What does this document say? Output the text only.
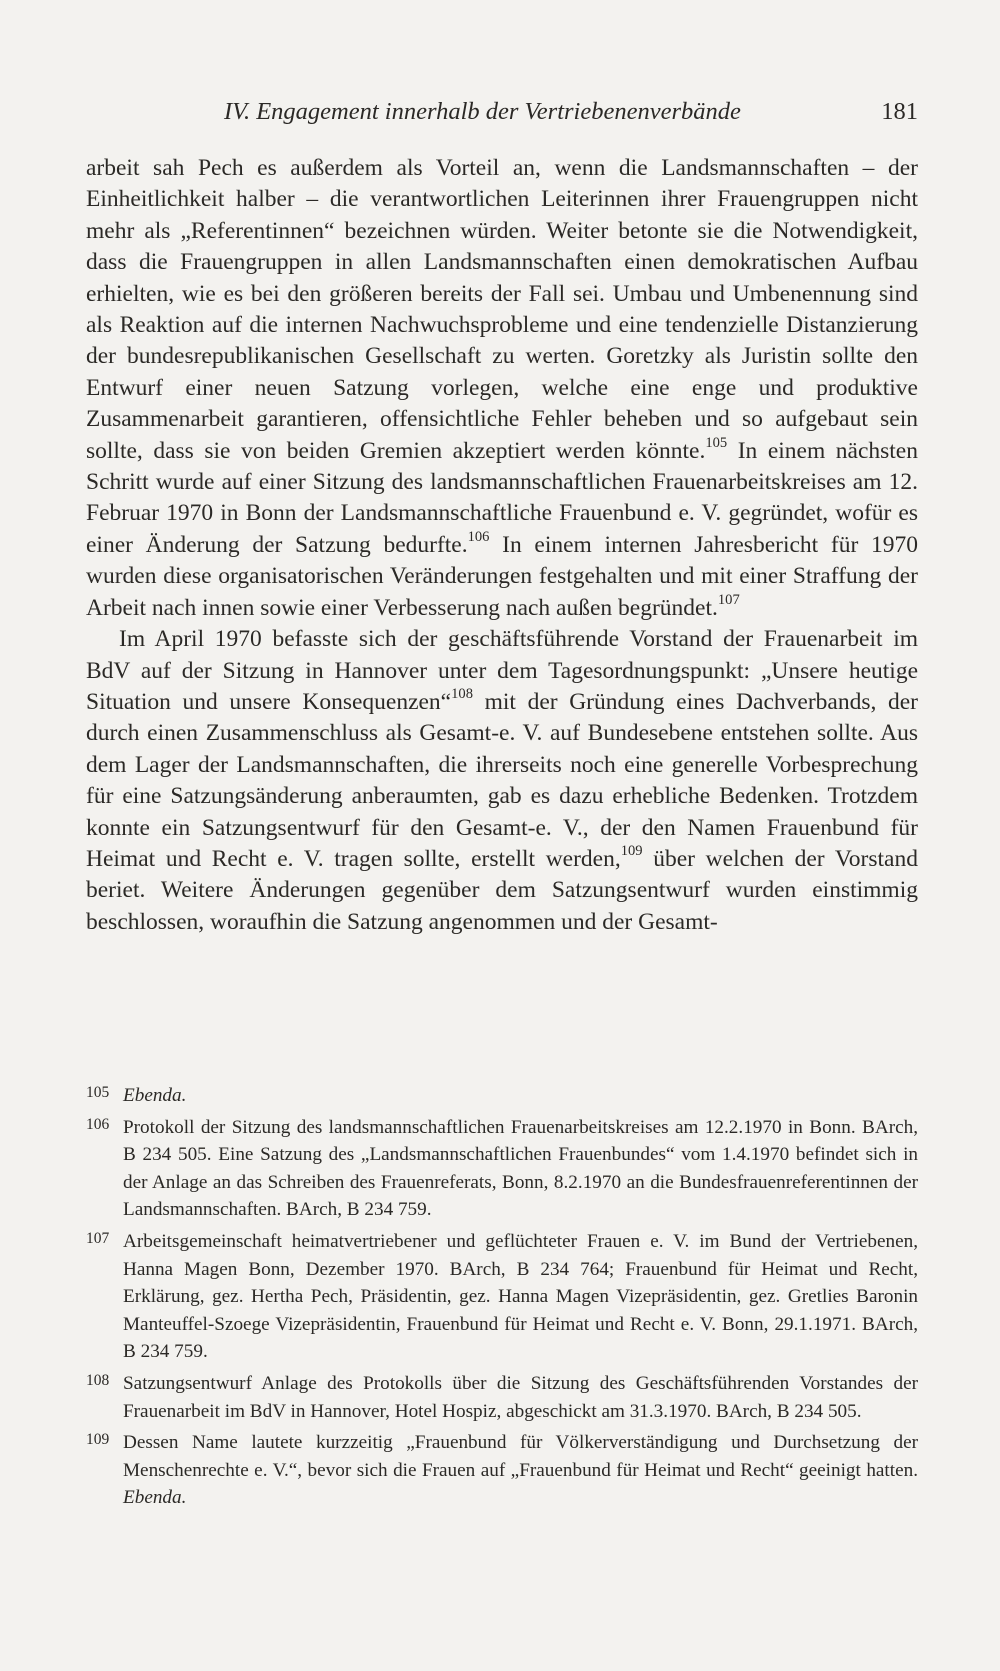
IV. Engagement innerhalb der Vertriebenenverbände	181

arbeit sah Pech es außerdem als Vorteil an, wenn die Landsmannschaften – der Einheitlichkeit halber – die verantwortlichen Leiterinnen ihrer Frauengruppen nicht mehr als „Referentinnen“ bezeichnen würden. Weiter betonte sie die Notwendigkeit, dass die Frauengruppen in allen Landsmannschaften einen demokratischen Aufbau erhielten, wie es bei den größeren bereits der Fall sei. Umbau und Umbenennung sind als Reaktion auf die internen Nachwuchsprobleme und eine tendenzielle Distanzierung der bundesrepublikanischen Gesellschaft zu werten. Goretzky als Juristin sollte den Entwurf einer neuen Satzung vorlegen, welche eine enge und produktive Zusammenarbeit garantieren, offensichtliche Fehler beheben und so aufgebaut sein sollte, dass sie von beiden Gremien akzeptiert werden könnte.$^{105}$ In einem nächsten Schritt wurde auf einer Sitzung des landsmannschaftlichen Frauenarbeitskreises am 12. Februar 1970 in Bonn der Landsmannschaftliche Frauenbund e. V. gegründet, wofür es einer Änderung der Satzung bedurfte.$^{106}$ In einem internen Jahresbericht für 1970 wurden diese organisatorischen Veränderungen festgehalten und mit einer Straffung der Arbeit nach innen sowie einer Verbesserung nach außen begründet.$^{107}$

Im April 1970 befasste sich der geschäftsführende Vorstand der Frauenarbeit im BdV auf der Sitzung in Hannover unter dem Tagesordnungspunkt: „Unsere heutige Situation und unsere Konsequenzen“$^{108}$ mit der Gründung eines Dachverbands, der durch einen Zusammenschluss als Gesamt-e. V. auf Bundesebene entstehen sollte. Aus dem Lager der Landsmannschaften, die ihrerseits noch eine generelle Vorbesprechung für eine Satzungsänderung anberaumten, gab es dazu erhebliche Bedenken. Trotzdem konnte ein Satzungsentwurf für den Gesamt-e. V., der den Namen Frauenbund für Heimat und Recht e. V. tragen sollte, erstellt werden,$^{109}$ über welchen der Vorstand beriet. Weitere Änderungen gegenüber dem Satzungsentwurf wurden einstimmig beschlossen, woraufhin die Satzung angenommen und der Gesamt-

105 Ebenda.
106 Protokoll der Sitzung des landsmannschaftlichen Frauenarbeitskreises am 12.2.1970 in Bonn. BArch, B 234 505. Eine Satzung des „Landsmannschaftlichen Frauenbundes“ vom 1.4.1970 befindet sich in der Anlage an das Schreiben des Frauenreferats, Bonn, 8.2.1970 an die Bundesfrauenreferentinnen der Landsmannschaften. BArch, B 234 759.
107 Arbeitsgemeinschaft heimatvertriebener und geflüchteter Frauen e. V. im Bund der Vertriebenen, Hanna Magen Bonn, Dezember 1970. BArch, B 234 764; Frauenbund für Heimat und Recht, Erklärung, gez. Hertha Pech, Präsidentin, gez. Hanna Magen Vizepräsidentin, gez. Gretlies Baronin Manteuffel-Szoege Vizepräsidentin, Frauenbund für Heimat und Recht e. V. Bonn, 29.1.1971. BArch, B 234 759.
108 Satzungsentwurf Anlage des Protokolls über die Sitzung des Geschäftsführenden Vorstandes der Frauenarbeit im BdV in Hannover, Hotel Hospiz, abgeschickt am 31.3.1970. BArch, B 234 505.
109 Dessen Name lautete kurzzeitig „Frauenbund für Völkerverständigung und Durchsetzung der Menschenrechte e. V.“, bevor sich die Frauen auf „Frauenbund für Heimat und Recht“ geeinigt hatten. Ebenda.
